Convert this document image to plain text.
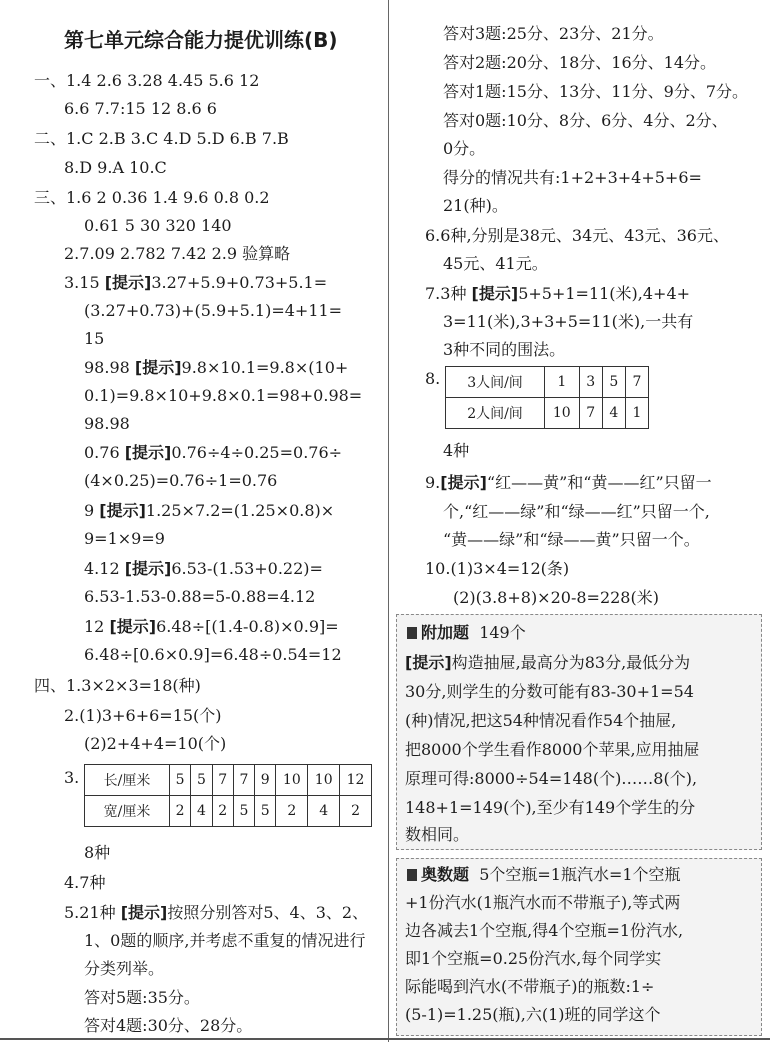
第七单元综合能力提优训练(B)
一、1.4 2.6 3.28 4.45 5.6 12
6.6 7.7:15 12 8.6 6
二、1.C 2.B 3.C 4.D 5.D 6.B 7.B
8.D 9.A 10.C
三、1.6 2 0.36 1.4 9.6 0.8 0.2
0.61 5 30 320 140
2.7.09 2.782 7.42 2.9 验算略
3.15 [提示]3.27+5.9+0.73+5.1=
(3.27+0.73)+(5.9+5.1)=4+11=
15
98.98 [提示]9.8×10.1=9.8×(10+
0.1)=9.8×10+9.8×0.1=98+0.98=
98.98
0.76 [提示]0.76÷4÷0.25=0.76÷
(4×0.25)=0.76÷1=0.76
9 [提示]1.25×7.2=(1.25×0.8)×
9=1×9=9
4.12 [提示]6.53-(1.53+0.22)=
6.53-1.53-0.88=5-0.88=4.12
12 [提示]6.48÷[(1.4-0.8)×0.9]=
6.48÷[0.6×0.9]=6.48÷0.54=12
四、1.3×2×3=18(种)
2.(1)3+6+6=15(个)
(2)2+4+4=10(个)
3. 长/厘米	5	5	7	7	9	10	10	12
宽/厘米	2	4	2	5	5	2	4	2
8种
4.7种
5.21种 [提示]按照分别答对5、4、3、2、
1、0题的顺序,并考虑不重复的情况进行
分类列举。
答对5题:35分。
答对4题:30分、28分。
答对3题:25分、23分、21分。
答对2题:20分、18分、16分、14分。
答对1题:15分、13分、11分、9分、7分。
答对0题:10分、8分、6分、4分、2分、
0分。
得分的情况共有:1+2+3+4+5+6=
21(种)。
6.6种,分别是38元、34元、43元、36元、
45元、41元。
7.3种 [提示]5+5+1=11(米),4+4+
3=11(米),3+3+5=11(米),一共有
3种不同的围法。
8. 3人间/间	1	3	5	7
2人间/间	10	7	4	1
4种
9.[提示]“红——黄”和“黄——红”只留一
个,“红——绿”和“绿——红”只留一个,
“黄——绿”和“绿——黄”只留一个。
10.(1)3×4=12(条)
(2)(3.8+8)×20-8=228(米)
附加题 149个
[提示]构造抽屉,最高分为83分,最低分为
30分,则学生的分数可能有83-30+1=54
(种)情况,把这54种情况看作54个抽屉,
把8000个学生看作8000个苹果,应用抽屉
原理可得:8000÷54=148(个)……8(个),
148+1=149(个),至少有149个学生的分
数相同。
奥数题 5个空瓶=1瓶汽水=1个空瓶
+1份汽水(1瓶汽水而不带瓶子),等式两
边各减去1个空瓶,得4个空瓶=1份汽水,
即1个空瓶=0.25份汽水,每个同学实
际能喝到汽水(不带瓶子)的瓶数:1÷
(5-1)=1.25(瓶),六(1)班的同学这个
